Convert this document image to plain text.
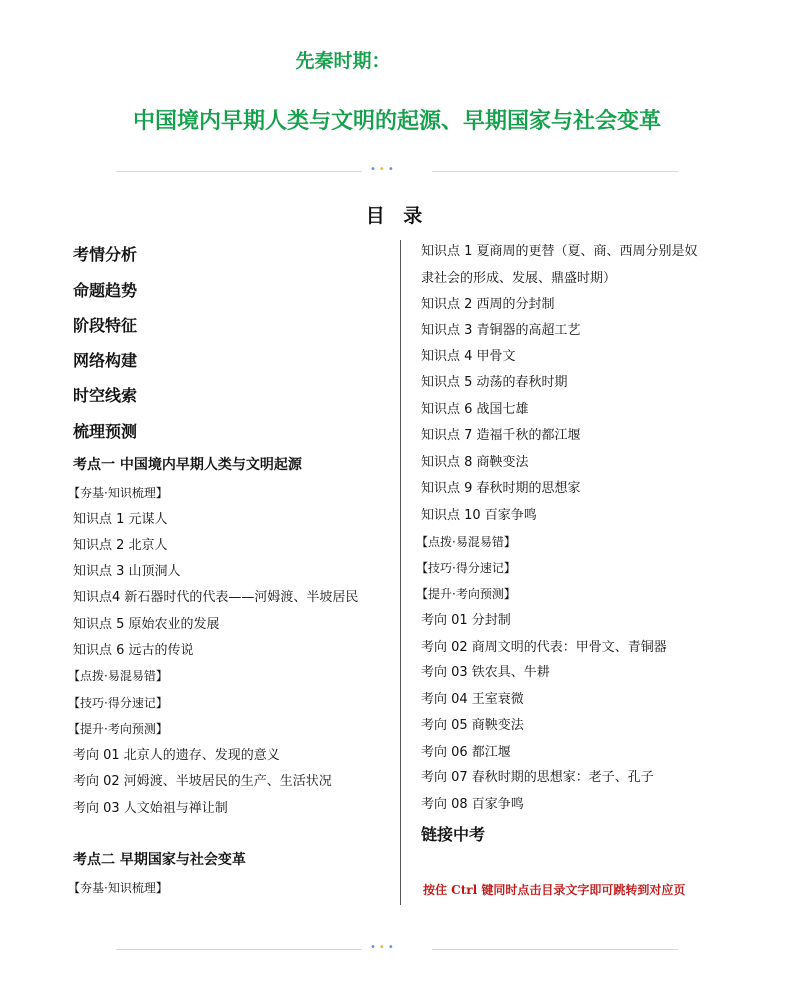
先秦时期：
中国境内早期人类与文明的起源、早期国家与社会变革
•••
目 录
考情分析
命题趋势
阶段特征
网络构建
时空线索
梳理预测
考点一 中国境内早期人类与文明起源
【夯基·知识梳理】
知识点 1 元谋人
知识点 2 北京人
知识点 3 山顶洞人
知识点4 新石器时代的代表——河姆渡、半坡居民
知识点 5 原始农业的发展
知识点 6 远古的传说
【点拨·易混易错】
【技巧·得分速记】
【提升·考向预测】
考向 01 北京人的遗存、发现的意义
考向 02 河姆渡、半坡居民的生产、生活状况
考向 03 人文始祖与禅让制
考点二 早期国家与社会变革
【夯基·知识梳理】
知识点 1 夏商周的更替（夏、商、西周分别是奴
隶社会的形成、发展、鼎盛时期）
知识点 2 西周的分封制
知识点 3 青铜器的高超工艺
知识点 4 甲骨文
知识点 5 动荡的春秋时期
知识点 6 战国七雄
知识点 7 造福千秋的都江堰
知识点 8 商鞅变法
知识点 9 春秋时期的思想家
知识点 10 百家争鸣
【点拨·易混易错】
【技巧·得分速记】
【提升·考向预测】
考向 01 分封制
考向 02 商周文明的代表：甲骨文、青铜器
考向 03 铁农具、牛耕
考向 04 王室衰微
考向 05 商鞅变法
考向 06 都江堰
考向 07 春秋时期的思想家：老子、孔子
考向 08 百家争鸣
链接中考
按住 Ctrl 键同时点击目录文字即可跳转到对应页
•••
